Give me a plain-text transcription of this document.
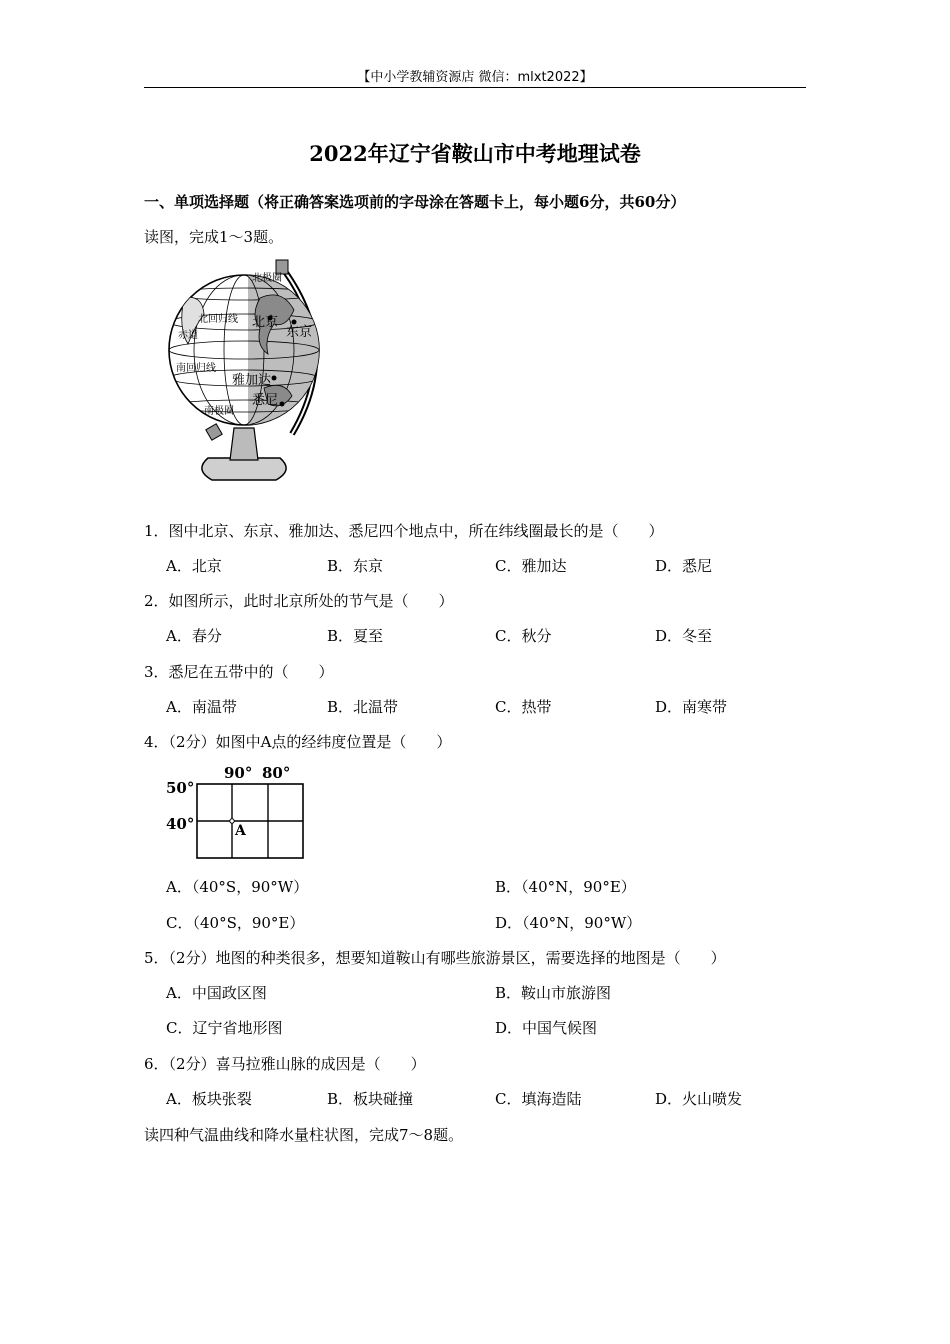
【中小学教辅资源店 微信：mlxt2022】
2022年辽宁省鞍山市中考地理试卷
一、单项选择题（将正确答案选项前的字母涂在答题卡上，每小题6分，共60分）
读图，完成1～3题。
北极圈
北京
东京
雅加达
悉尼
北回归线
赤道
南回归线
南极圈
1．图中北京、东京、雅加达、悉尼四个地点中，所在纬线圈最长的是（　　）
A．北京	B．东京	C．雅加达	D．悉尼
2．如图所示，此时北京所处的节气是（　　）
A．春分	B．夏至	C．秋分	D．冬至
3．悉尼在五带中的（　　）
A．南温带	B．北温带	C．热带	D．南寒带
4．（2分）如图中A点的经纬度位置是（　　）
90° 80°
50°
40°	A
A．（40°S，90°W）	B．（40°N，90°E）
C．（40°S，90°E）	D．（40°N，90°W）
5．（2分）地图的种类很多，想要知道鞍山有哪些旅游景区，需要选择的地图是（　　）
A．中国政区图	B．鞍山市旅游图
C．辽宁省地形图	D．中国气候图
6．（2分）喜马拉雅山脉的成因是（　　）
A．板块张裂	B．板块碰撞	C．填海造陆	D．火山喷发
读四种气温曲线和降水量柱状图，完成7～8题。
